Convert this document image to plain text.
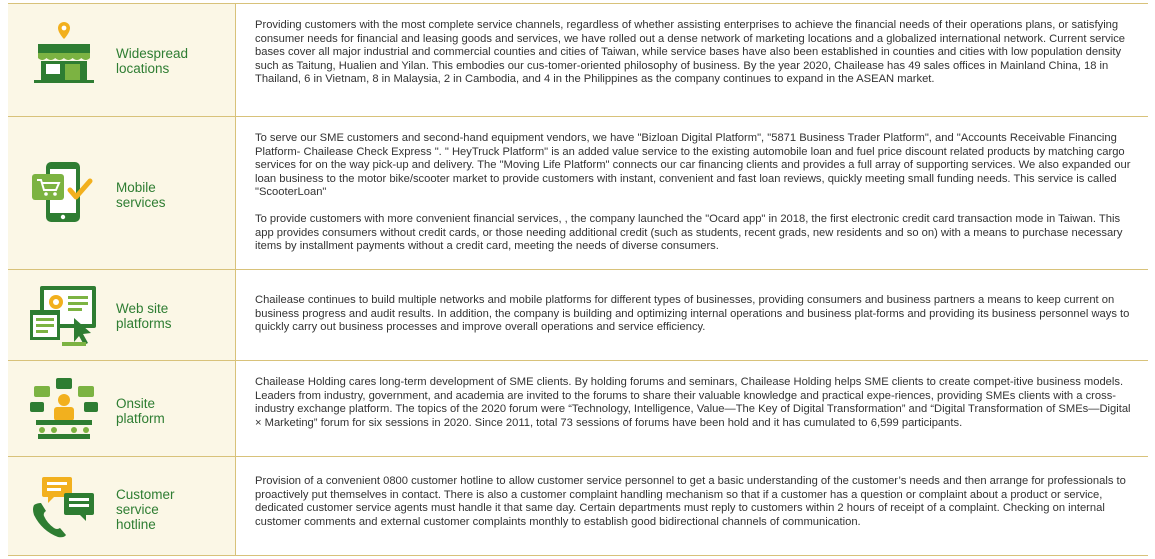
Widespread locations

Providing customers with the most complete service channels, regardless of whether assisting enterprises to achieve the financial needs of their operations plans, or satisfying consumer needs for financial and leasing goods and services, we have rolled out a dense network of marketing locations and a globalized international network. Current service bases cover all major industrial and commercial counties and cities of Taiwan, while service bases have also been established in counties and cities with low population density such as Taitung, Hualien and Yilan. This embodies our cus-tomer-oriented philosophy of business. By the year 2020, Chailease has 49 sales offices in Mainland China, 18 in Thailand, 6 in Vietnam, 8 in Malaysia, 2 in Cambodia, and 4 in the Philippines as the company continues to expand in the ASEAN market.

Mobile services

To serve our SME customers and second-hand equipment vendors, we have "Bizloan Digital Platform", "5871 Business Trader Platform", and "Accounts Receivable Financing Platform- Chailease Check Express ". " HeyTruck Platform" is an added value service to the existing automobile loan and fuel price discount related products by matching cargo services for on the way pick-up and delivery. The "Moving Life Platform" connects our car financing clients and provides a full array of supporting services. We also expanded our loan business to the motor bike/scooter market to provide customers with instant, convenient and fast loan reviews, quickly meeting small funding needs. This service is called "ScooterLoan"

To provide customers with more convenient financial services, , the company launched the "Ocard app" in 2018, the first electronic credit card transaction mode in Taiwan. This app provides consumers without credit cards, or those needing additional credit (such as students, recent grads, new residents and so on) with a means to purchase necessary items by installment payments without a credit card, meeting the needs of diverse consumers.

Web site platforms

Chailease continues to build multiple networks and mobile platforms for different types of businesses, providing consumers and business partners a means to keep current on business progress and audit results. In addition, the company is building and optimizing internal operations and business plat-forms and providing its business personnel ways to quickly carry out business processes and improve overall operations and service efficiency.

Onsite platform

Chailease Holding cares long-term development of SME clients. By holding forums and seminars, Chailease Holding helps SME clients to create compet-itive business models. Leaders from industry, government, and academia are invited to the forums to share their valuable knowledge and practical expe-riences, providing SMEs clients with a cross-industry exchange platform. The topics of the 2020 forum were “Technology, Intelligence, Value—The Key of Digital Transformation” and “Digital Transformation of SMEs—Digital × Marketing” forum for six sessions in 2020. Since 2011, total 73 sessions of forums have been hold and it has cumulated to 6,599 participants.

Customer service hotline

Provision of a convenient 0800 customer hotline to allow customer service personnel to get a basic understanding of the customer’s needs and then arrange for professionals to proactively put themselves in contact. There is also a customer complaint handling mechanism so that if a customer has a question or complaint about a product or service, dedicated customer service agents must handle it that same day. Certain departments must reply to customers within 2 hours of receipt of a complaint. Checking on internal customer comments and external customer complaints monthly to establish good bidirectional channels of communication.
